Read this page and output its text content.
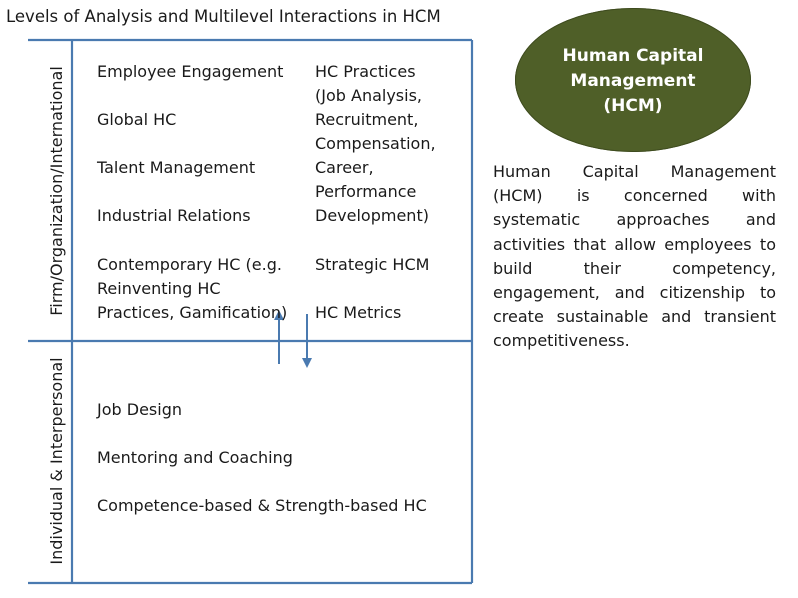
Levels of Analysis and Multilevel Interactions in HCM
Firm/Organization/International
Individual & Interpersonal
Employee Engagement
Global HC
Talent Management
Industrial Relations
Contemporary HC (e.g.
Reinventing HC
Practices, Gamification)
HC Practices
(Job Analysis,
Recruitment,
Compensation,
Career,
Performance
Development)
Strategic HCM
HC Metrics
Job Design
Mentoring and Coaching
Competence-based & Strength-based HC
Human Capital
Management
(HCM)
Human Capital Management (HCM) is concerned with systematic approaches and activities that allow employees to build their competency, engagement, and citizenship to create sustainable and transient competitiveness.
